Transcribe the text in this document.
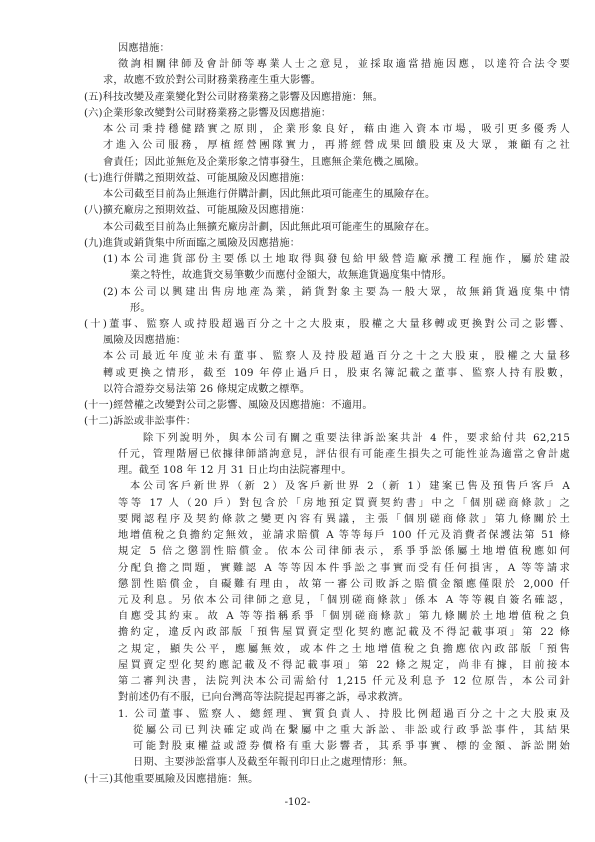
因應措施：
徵詢相關律師及會計師等專業人士之意見，並採取適當措施因應，以達符合法令要
求，故應不致於對公司財務業務產生重大影響。
(五)科技改變及產業變化對公司財務業務之影響及因應措施：無。
(六)企業形象改變對公司財務業務之影響及因應措施：
本公司秉持穩健踏實之原則，企業形象良好，藉由進入資本市場，吸引更多優秀人
才進入公司服務，厚植經營團隊實力，再將經營成果回饋股東及大眾，兼顧有之社
會責任；因此並無危及企業形象之情事發生，且應無企業危機之風險。
(七)進行併購之預期效益、可能風險及因應措施：
本公司截至目前為止無進行併購計劃，因此無此項可能產生的風險存在。
(八)擴充廠房之預期效益、可能風險及因應措施：
本公司截至目前為止無擴充廠房計劃，因此無此項可能產生的風險存在。
(九)進貨或銷貨集中所面臨之風險及因應措施：
(1)本公司進貨部份主要係以土地取得與發包給甲級營造廠承攬工程施作，屬於建設
業之特性，故進貨交易筆數少而應付金額大，故無進貨過度集中情形。
(2)本公司以興建出售房地產為業，銷貨對象主要為一般大眾，故無銷貨過度集中情
形。
(十)董事、監察人或持股超過百分之十之大股東，股權之大量移轉或更換對公司之影響、
風險及因應措施：
本公司最近年度並未有董事、監察人及持股超過百分之十之大股東，股權之大量移
轉或更換之情形，截至 109 年停止過戶日，股東名簿記載之董事、監察人持有股數，
以符合證券交易法第 26 條規定成數之標準。
(十一)經營權之改變對公司之影響、風險及因應措施：不適用。
(十二)訴訟或非訟事件：
除下列說明外，與本公司有關之重要法律訴訟案共計 4 件，要求給付共 62,215
仟元，管理階層已依據律師諮詢意見，評估很有可能產生損失之可能性並為適當之會計處
理。截至 108 年 12 月 31 日止均由法院審理中。
本公司客戶新世界（新 2）及客戶新世界 2（新 1）建案已售及預售戶客戶 A
等等 17 人（20 戶）對包含於「房地預定買賣契約書」中之「個別磋商條款」之
要聞認程序及契約條款之變更內容有異議，主張「個別磋商條款」第九條關於土
地增值稅之負擔約定無效，並請求賠償 A 等等每戶 100 仟元及消費者保護法第 51 條
規定 5 倍之懲罰性賠償金。依本公司律師表示，系爭爭訟係屬土地增值稅應如何
分配負擔之問題，實難認 A 等等因本件爭訟之事實而受有任何損害，A 等等請求
懲罰性賠償金，自礙難有理由，故第一審公司敗訴之賠償金額應僅限於 2,000 仟
元及利息。另依本公司律師之意見，「個別磋商條款」係本 A 等等親自簽名確認，
自應受其約束。故 A 等等指稱系爭「個別磋商條款」第九條關於土地增值稅之負
擔約定，違反內政部版「預售屋買賣定型化契約應記載及不得記載事項」第 22 條
之規定，顯失公平，應屬無效，或本件之土地增值稅之負擔應依內政部版「預售
屋買賣定型化契約應記載及不得記載事項」第 22 條之規定，尚非有據，目前接本
第二審判決書，法院判決本公司需給付 1,215 仟元及利息予 12 位原告，本公司針
對前述仍有不服，已向台灣高等法院提起再審之訴，尋求救濟。
1. 公司董事、監察人、總經理、實質負責人、持股比例超過百分之十之大股東及
從屬公司已判決確定或尚在繫屬中之重大訴訟、非訟或行政爭訟事件，其結果
可能對股東權益或證券價格有重大影響者，其系爭事實、標的金額、訴訟開始
日期、主要涉訟當事人及截至年報刊印日止之處理情形：無。
(十三)其他重要風險及因應措施：無。
-102-
